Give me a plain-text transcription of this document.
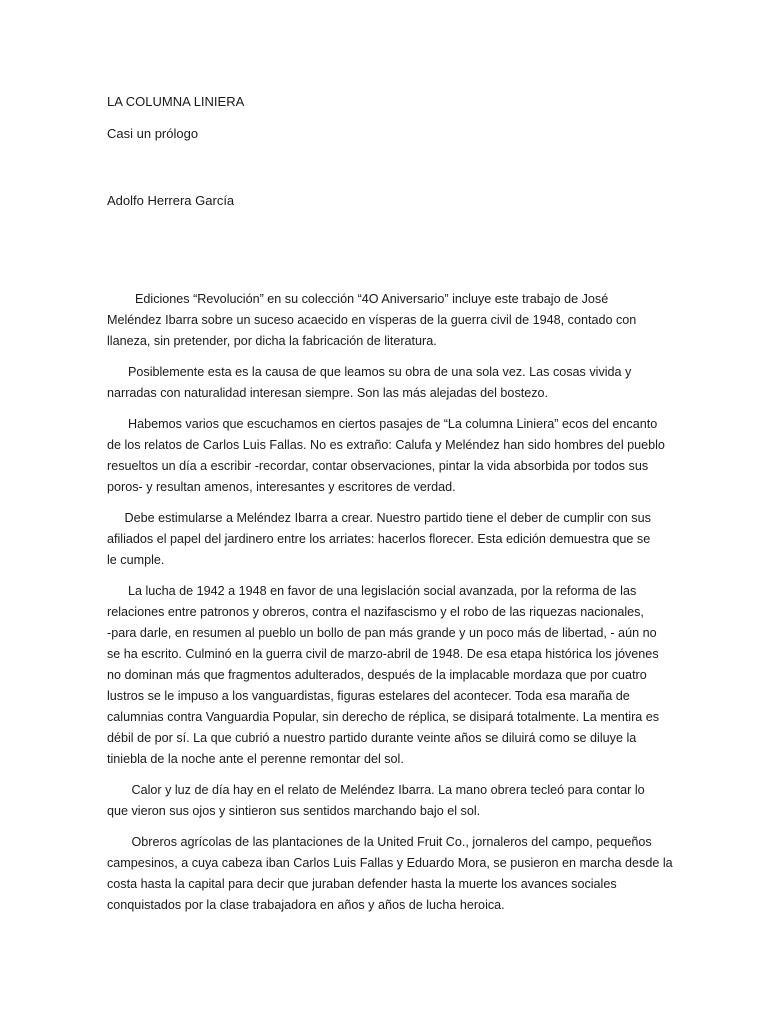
LA COLUMNA LINIERA
Casi un prólogo
Adolfo Herrera García

Ediciones “Revolución” en su colección “4O Aniversario” incluye este trabajo de José
Meléndez Ibarra sobre un suceso acaecido en vísperas de la guerra civil de 1948, contado con
llaneza, sin pretender, por dicha la fabricación de literatura.

Posiblemente esta es la causa de que leamos su obra de una sola vez. Las cosas vivida y
narradas con naturalidad interesan siempre. Son las más alejadas del bostezo.

Habemos varios que escuchamos en ciertos pasajes de “La columna Liniera” ecos del encanto
de los relatos de Carlos Luis Fallas. No es extraño: Calufa y Meléndez han sido hombres del pueblo
resueltos un día a escribir -recordar, contar observaciones, pintar la vida absorbida por todos sus
poros- y resultan amenos, interesantes y escritores de verdad.

Debe estimularse a Meléndez Ibarra a crear. Nuestro partido tiene el deber de cumplir con sus
afiliados el papel del jardinero entre los arriates: hacerlos florecer. Esta edición demuestra que se
le cumple.

La lucha de 1942 a 1948 en favor de una legislación social avanzada, por la reforma de las
relaciones entre patronos y obreros, contra el nazifascismo y el robo de las riquezas nacionales,
-para darle, en resumen al pueblo un bollo de pan más grande y un poco más de libertad, - aún no
se ha escrito. Culminó en la guerra civil de marzo-abril de 1948. De esa etapa histórica los jóvenes
no dominan más que fragmentos adulterados, después de la implacable mordaza que por cuatro
lustros se le impuso a los vanguardistas, figuras estelares del acontecer. Toda esa maraña de
calumnias contra Vanguardia Popular, sin derecho de réplica, se disipará totalmente. La mentira es
débil de por sí. La que cubrió a nuestro partido durante veinte años se diluirá como se diluye la
tiniebla de la noche ante el perenne remontar del sol.

Calor y luz de día hay en el relato de Meléndez Ibarra. La mano obrera tecleó para contar lo
que vieron sus ojos y sintieron sus sentidos marchando bajo el sol.

Obreros agrícolas de las plantaciones de la United Fruit Co., jornaleros del campo, pequeños
campesinos, a cuya cabeza iban Carlos Luis Fallas y Eduardo Mora, se pusieron en marcha desde la
costa hasta la capital para decir que juraban defender hasta la muerte los avances sociales
conquistados por la clase trabajadora en años y años de lucha heroica.
